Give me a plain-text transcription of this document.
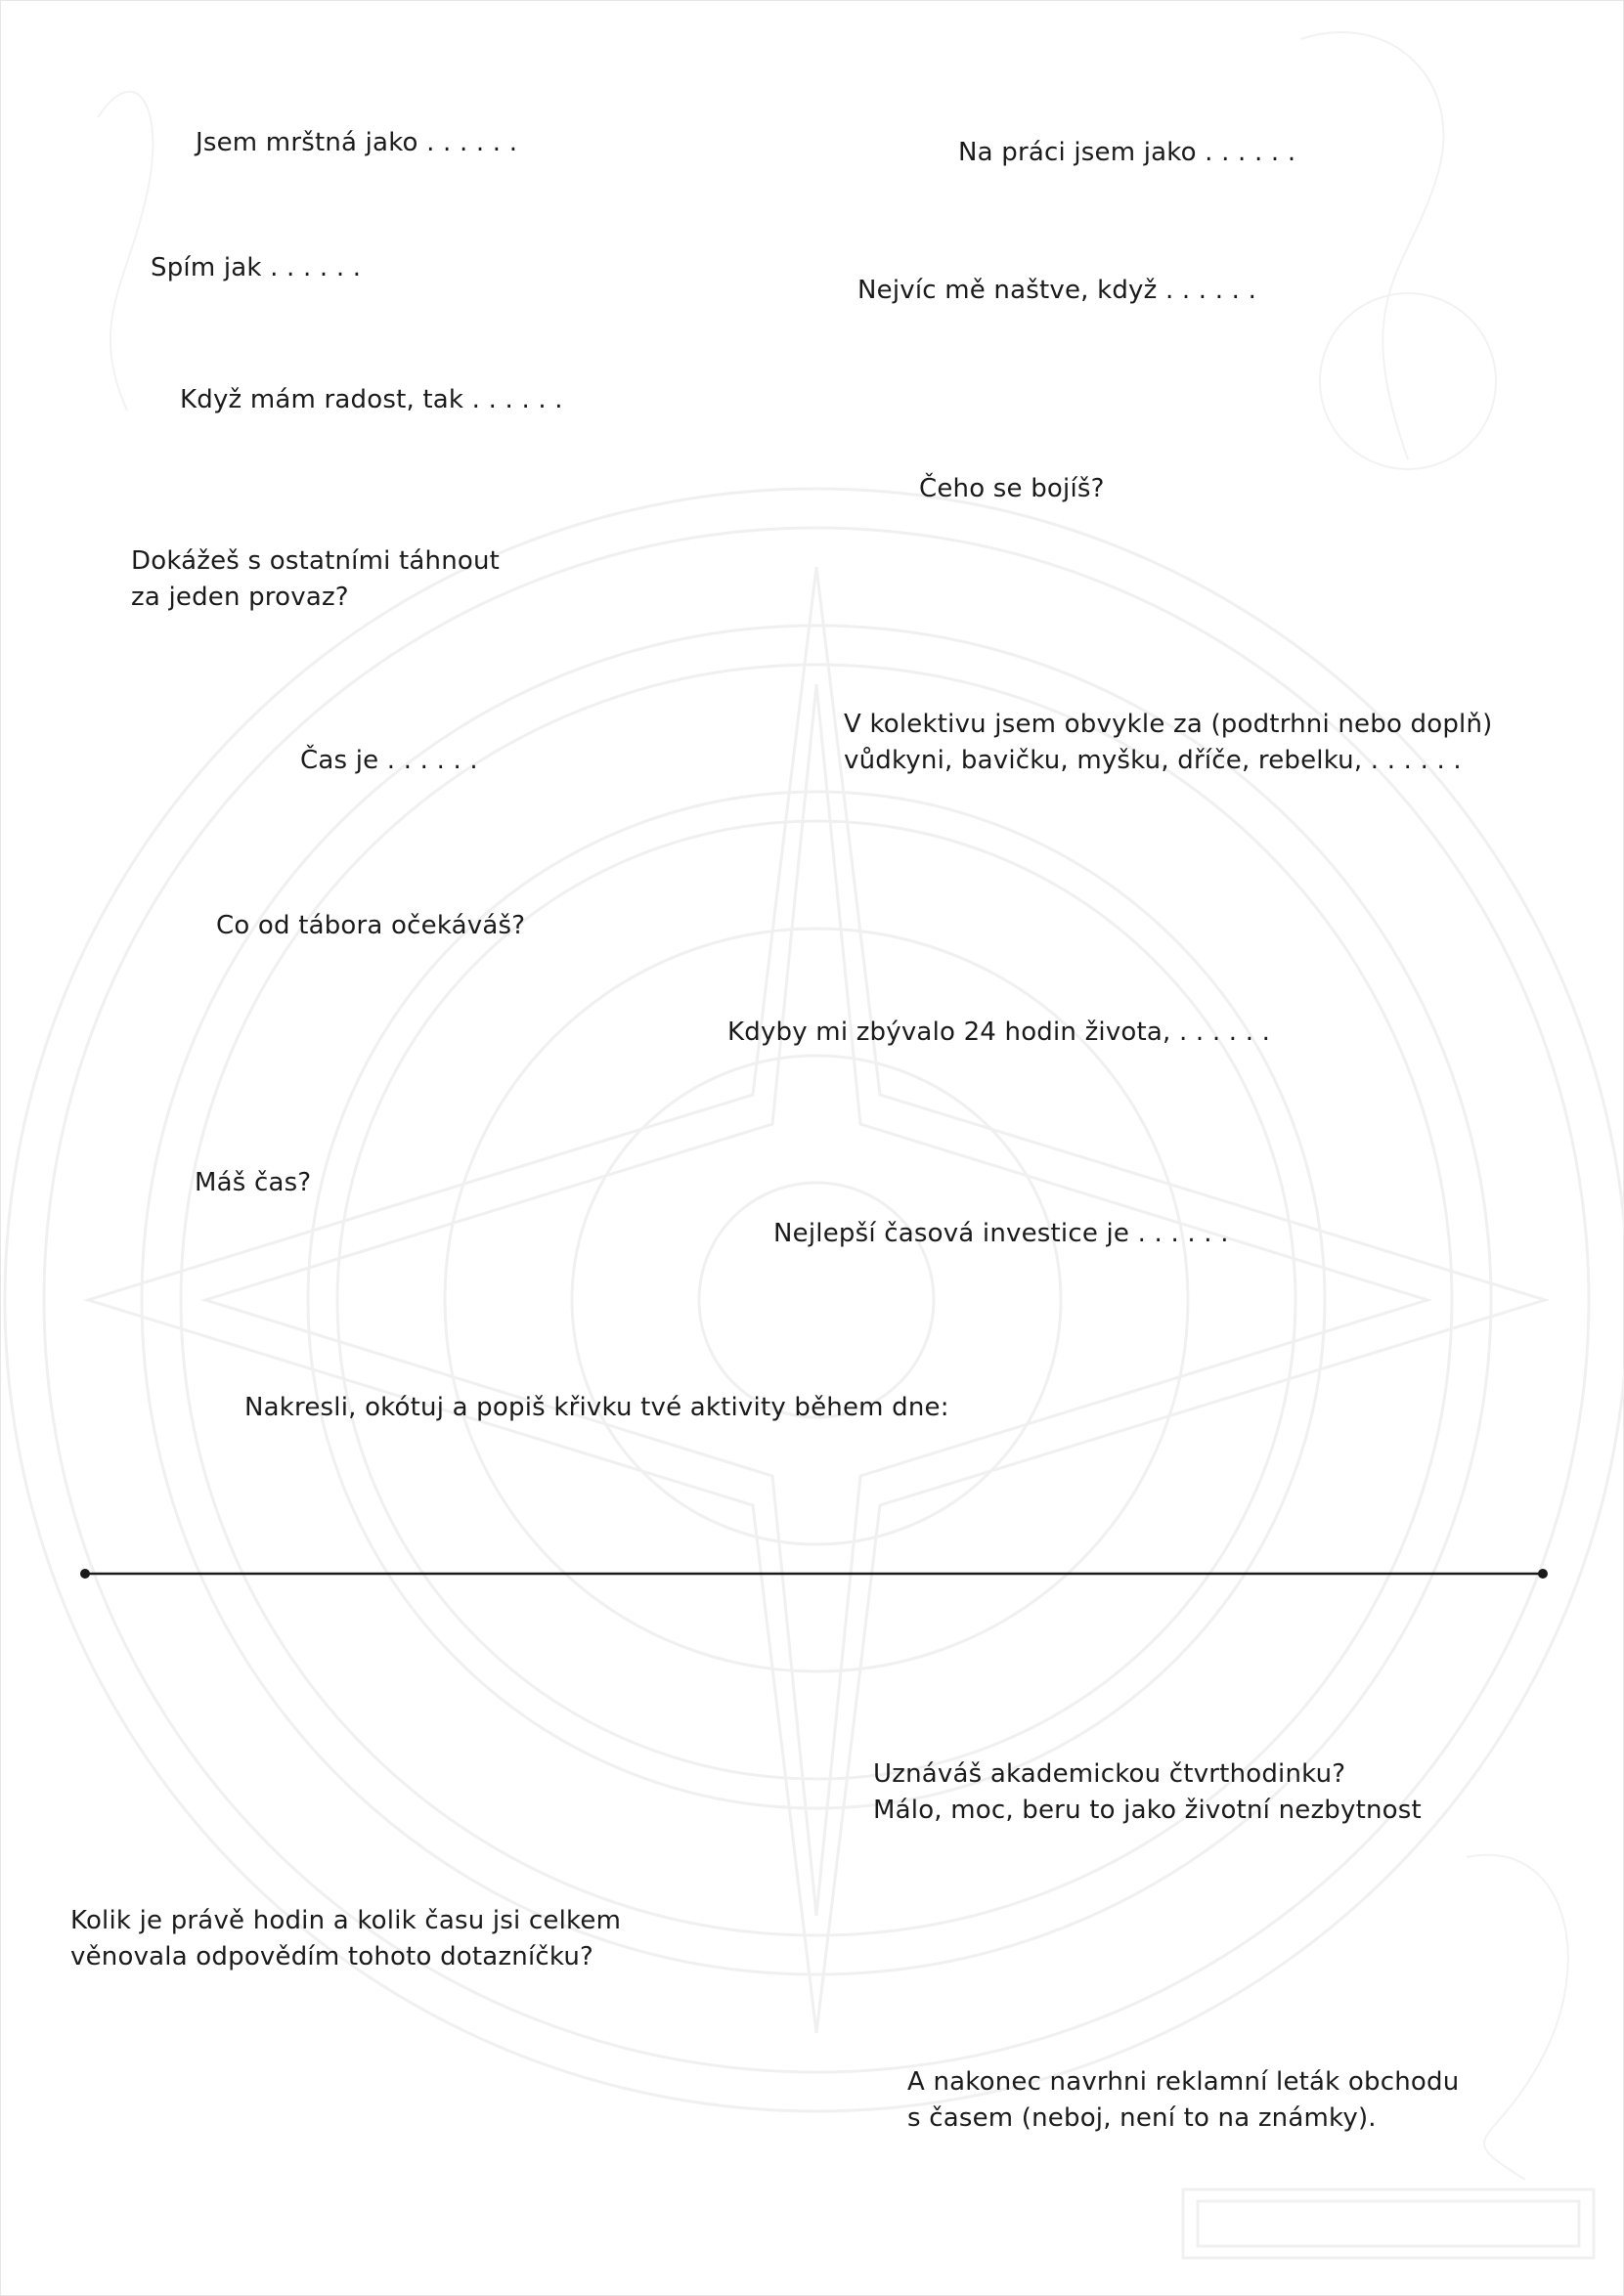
Jsem mrštná jako . . . . . .	Na práci jsem jako . . . . . .
Spím jak . . . . . .
Nejvíc mě naštve, když . . . . . .
Když mám radost, tak . . . . . .
Čeho se bojíš?
Dokážeš s ostatními táhnout
za jeden provaz?
V kolektivu jsem obvykle za (podtrhni nebo doplň)
vůdkyni, bavičku, myšku, dříče, rebelku, . . . . . .
Čas je . . . . . .
Co od tábora očekáváš?
Kdyby mi zbývalo 24 hodin života, . . . . . .
Máš čas?
Nejlepší časová investice je . . . . . .
Nakresli, okótuj a popiš křivku tvé aktivity během dne:
Uznáváš akademickou čtvrthodinku?
Málo, moc, beru to jako životní nezbytnost
Kolik je právě hodin a kolik času jsi celkem
věnovala odpovědím tohoto dotazníčku?
A nakonec navrhni reklamní leták obchodu
s časem (neboj, není to na známky).
